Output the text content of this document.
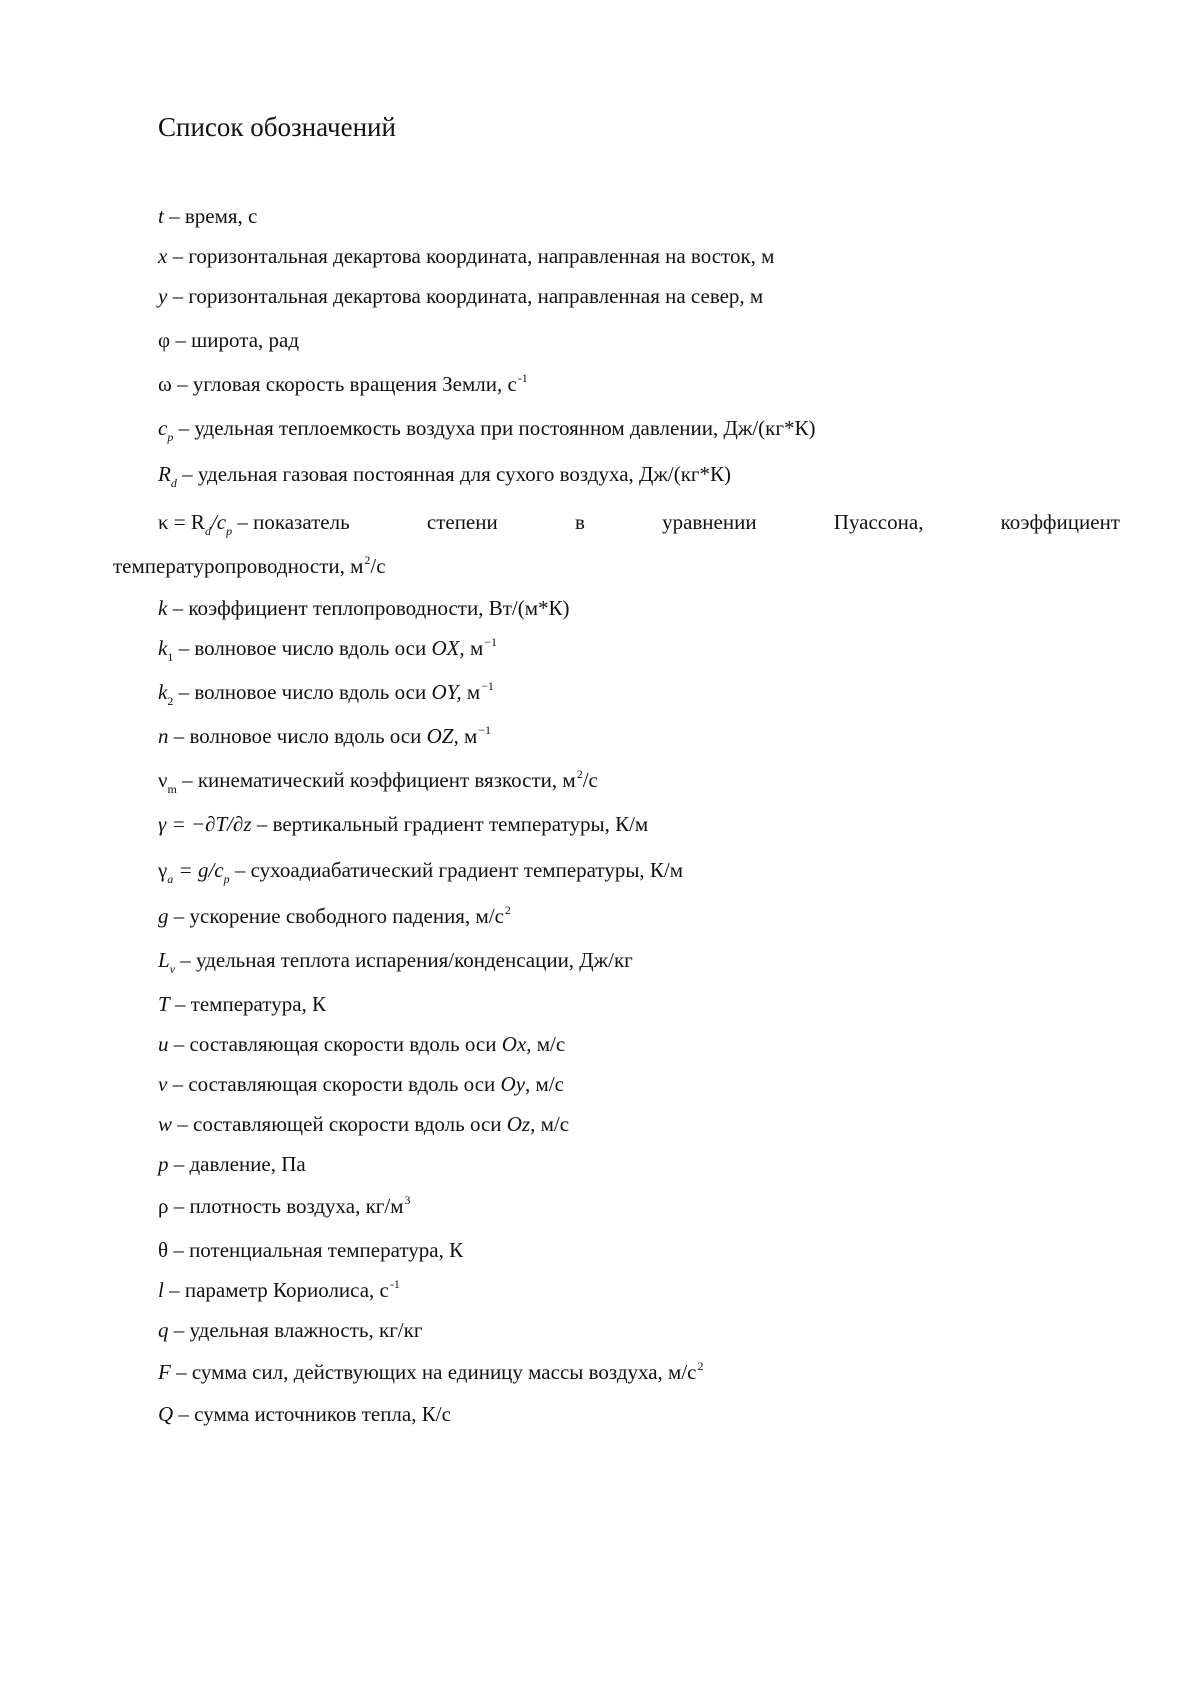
Список обозначений
t – время, с
x – горизонтальная декартова координата, направленная на восток, м
y – горизонтальная декартова координата, направленная на север, м
φ – широта, рад
ω – угловая скорость вращения Земли, $с^{-1}$
$c_p$ – удельная теплоемкость воздуха при постоянном давлении, Дж/(кг*К)
$R_d$ – удельная газовая постоянная для сухого воздуха, Дж/(кг*К)
$\kappa = R_d/c_p$ – показатель	степени	в	уравнении	Пуассона,	коэффициент
температуропроводности, $м^2/с$
k – коэффициент теплопроводности, Вт/(м*К)
$k_1$ – волновое число вдоль оси OX, $м^{-1}$
$k_2$ – волновое число вдоль оси OY, $м^{-1}$
n – волновое число вдоль оси OZ, $м^{-1}$
$\nu_m$ – кинематический коэффициент вязкости, $м^2/с$
γ = −∂T/∂z – вертикальный градиент температуры, К/м
$\gamma_a = g/c_p$ – сухоадиабатический градиент температуры, К/м
g – ускорение свободного падения, $м/с^2$
$L_v$ – удельная теплота испарения/конденсации, Дж/кг
T – температура, К
u – составляющая скорости вдоль оси Ox, м/с
v – составляющая скорости вдоль оси Oy, м/с
w – составляющей скорости вдоль оси Oz, м/с
p – давление, Па
ρ – плотность воздуха, $кг/м^3$
θ – потенциальная температура, К
l – параметр Кориолиса, $с^{-1}$
q – удельная влажность, кг/кг
F – сумма сил, действующих на единицу массы воздуха, $м/с^2$
Q – сумма источников тепла, К/с
